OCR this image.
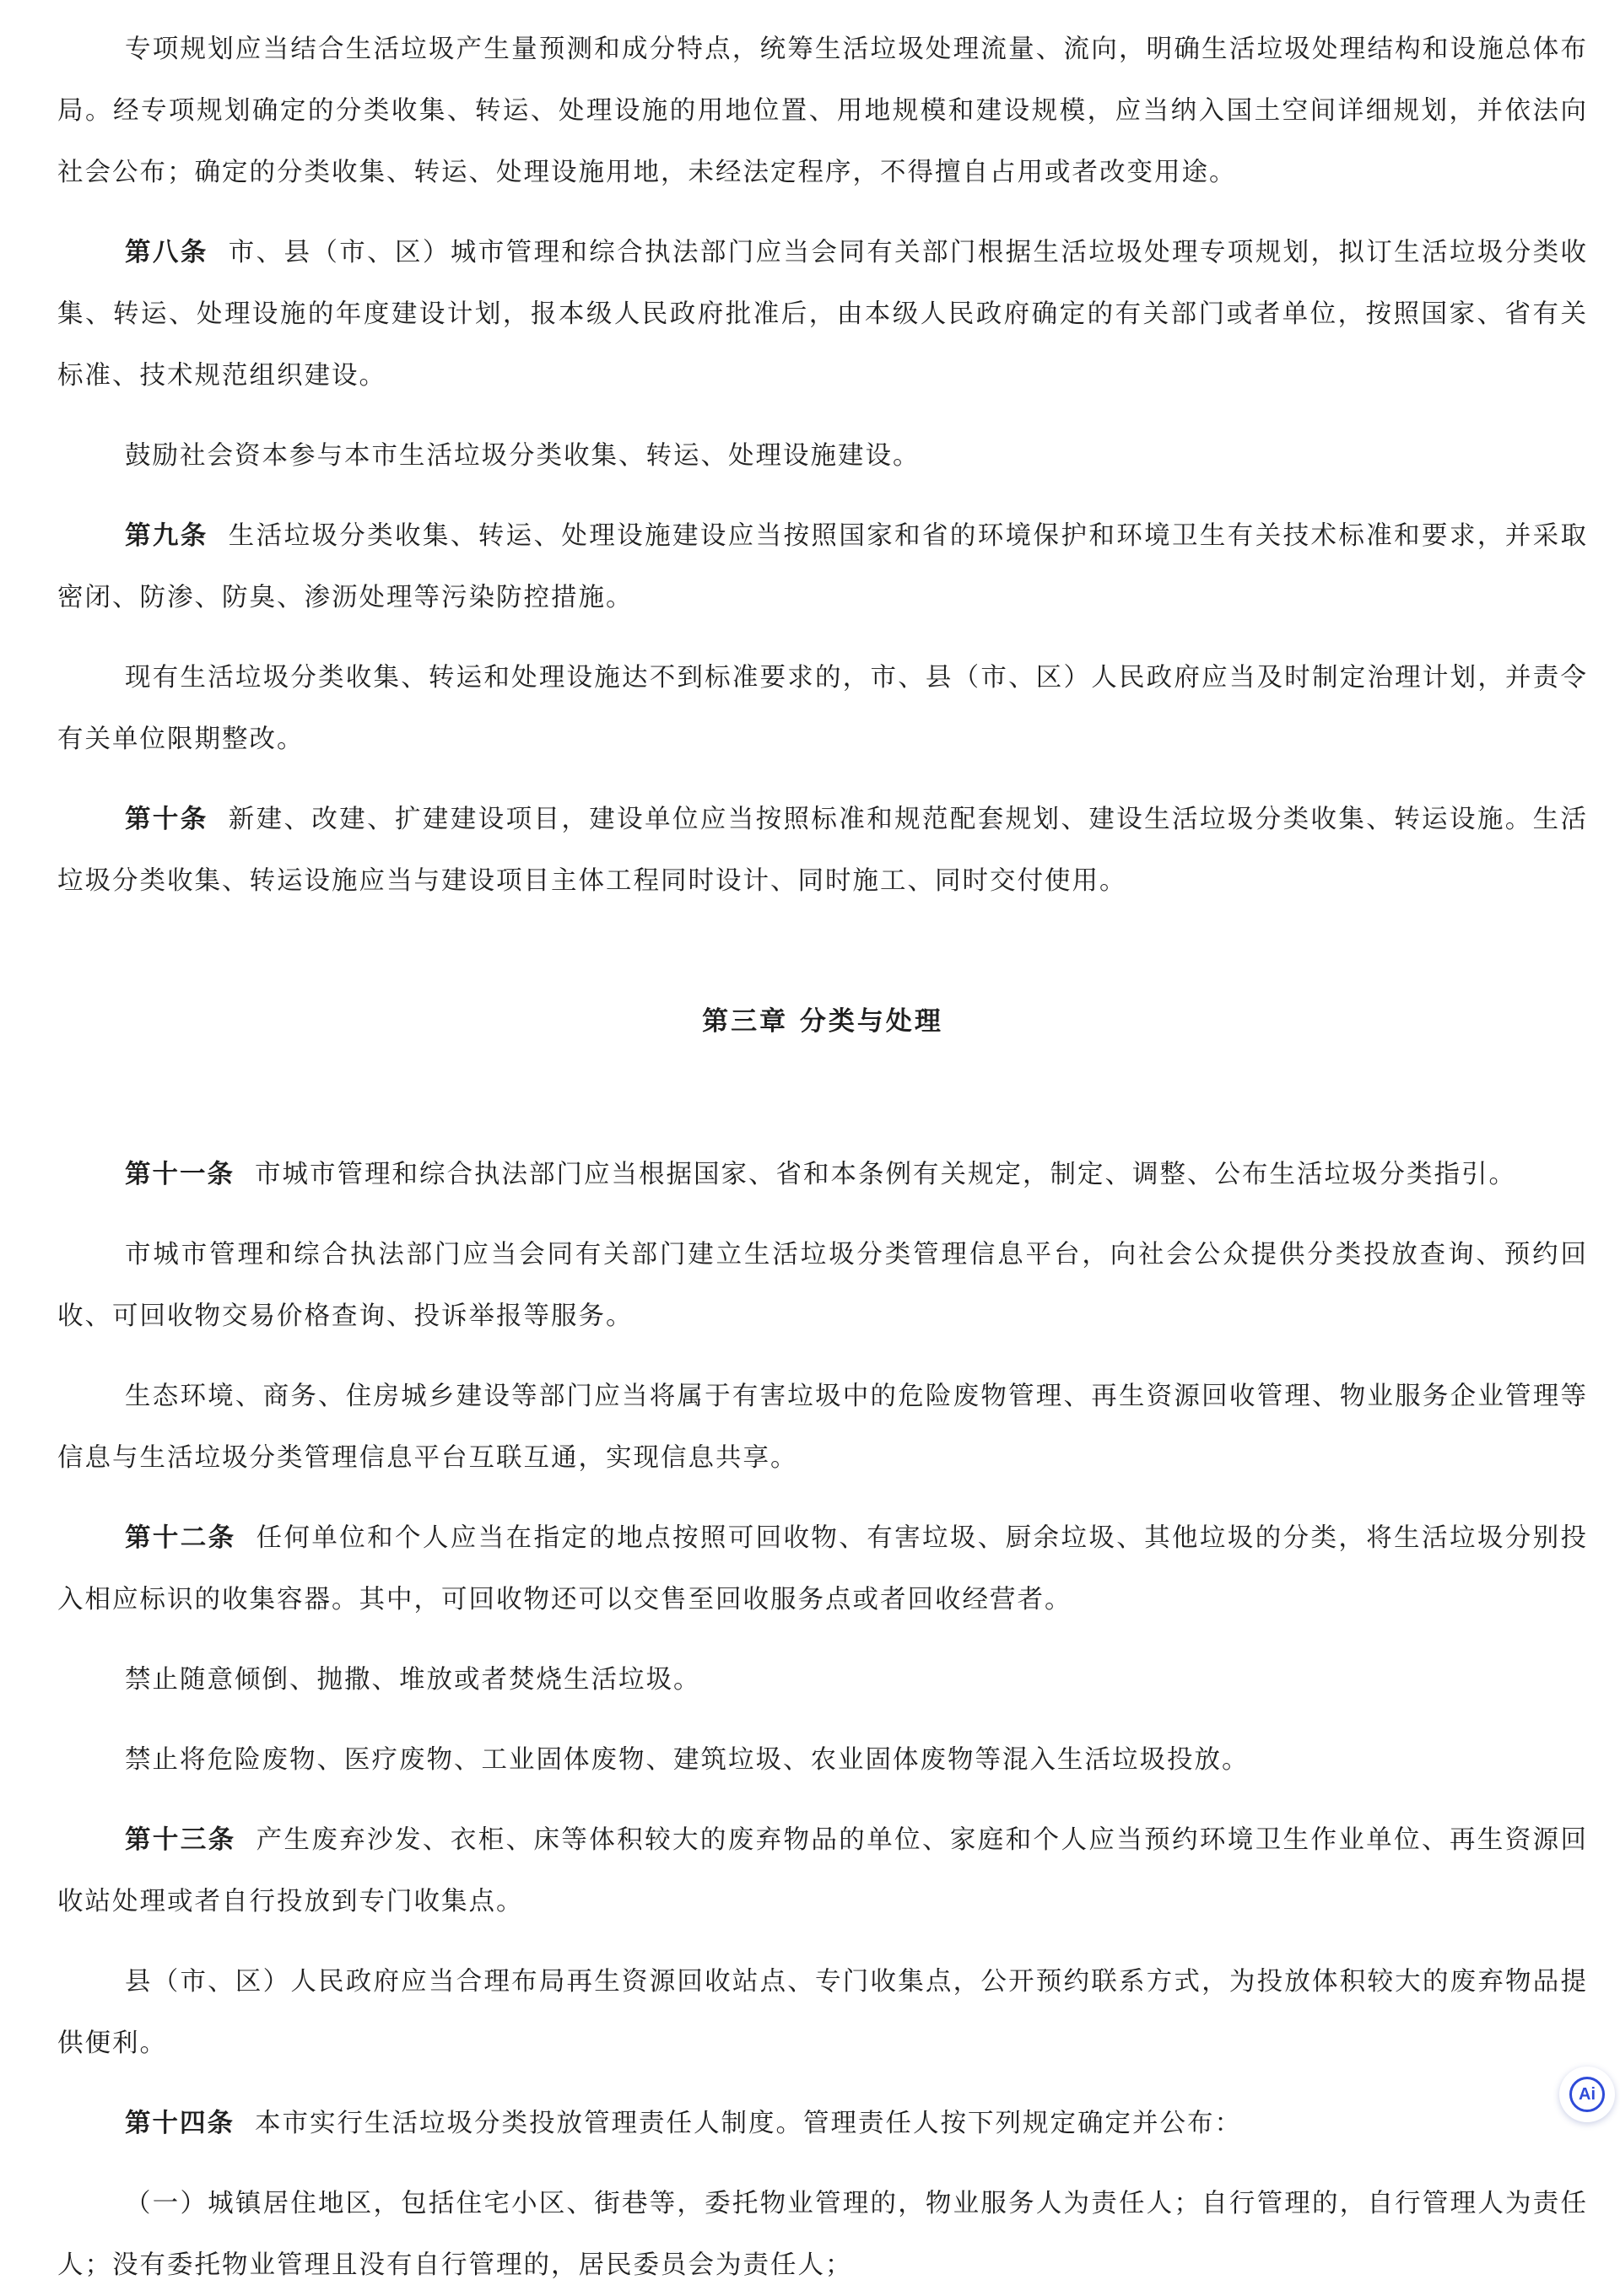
专项规划应当结合生活垃圾产生量预测和成分特点，统筹生活垃圾处理流量、流向，明确生活垃圾处理结构和设施总体布局。经专项规划确定的分类收集、转运、处理设施的用地位置、用地规模和建设规模，应当纳入国土空间详细规划，并依法向社会公布；确定的分类收集、转运、处理设施用地，未经法定程序，不得擅自占用或者改变用途。

第八条 市、县（市、区）城市管理和综合执法部门应当会同有关部门根据生活垃圾处理专项规划，拟订生活垃圾分类收集、转运、处理设施的年度建设计划，报本级人民政府批准后，由本级人民政府确定的有关部门或者单位，按照国家、省有关标准、技术规范组织建设。

鼓励社会资本参与本市生活垃圾分类收集、转运、处理设施建设。

第九条 生活垃圾分类收集、转运、处理设施建设应当按照国家和省的环境保护和环境卫生有关技术标准和要求，并采取密闭、防渗、防臭、渗沥处理等污染防控措施。

现有生活垃圾分类收集、转运和处理设施达不到标准要求的，市、县（市、区）人民政府应当及时制定治理计划，并责令有关单位限期整改。

第十条 新建、改建、扩建建设项目，建设单位应当按照标准和规范配套规划、建设生活垃圾分类收集、转运设施。生活垃圾分类收集、转运设施应当与建设项目主体工程同时设计、同时施工、同时交付使用。

第三章 分类与处理

第十一条 市城市管理和综合执法部门应当根据国家、省和本条例有关规定，制定、调整、公布生活垃圾分类指引。

市城市管理和综合执法部门应当会同有关部门建立生活垃圾分类管理信息平台，向社会公众提供分类投放查询、预约回收、可回收物交易价格查询、投诉举报等服务。

生态环境、商务、住房城乡建设等部门应当将属于有害垃圾中的危险废物管理、再生资源回收管理、物业服务企业管理等信息与生活垃圾分类管理信息平台互联互通，实现信息共享。

第十二条 任何单位和个人应当在指定的地点按照可回收物、有害垃圾、厨余垃圾、其他垃圾的分类，将生活垃圾分别投入相应标识的收集容器。其中，可回收物还可以交售至回收服务点或者回收经营者。

禁止随意倾倒、抛撒、堆放或者焚烧生活垃圾。

禁止将危险废物、医疗废物、工业固体废物、建筑垃圾、农业固体废物等混入生活垃圾投放。

第十三条 产生废弃沙发、衣柜、床等体积较大的废弃物品的单位、家庭和个人应当预约环境卫生作业单位、再生资源回收站处理或者自行投放到专门收集点。

县（市、区）人民政府应当合理布局再生资源回收站点、专门收集点，公开预约联系方式，为投放体积较大的废弃物品提供便利。

第十四条 本市实行生活垃圾分类投放管理责任人制度。管理责任人按下列规定确定并公布：

（一）城镇居住地区，包括住宅小区、街巷等，委托物业管理的，物业服务人为责任人；自行管理的，自行管理人为责任人；没有委托物业管理且没有自行管理的，居民委员会为责任人；

Ai
